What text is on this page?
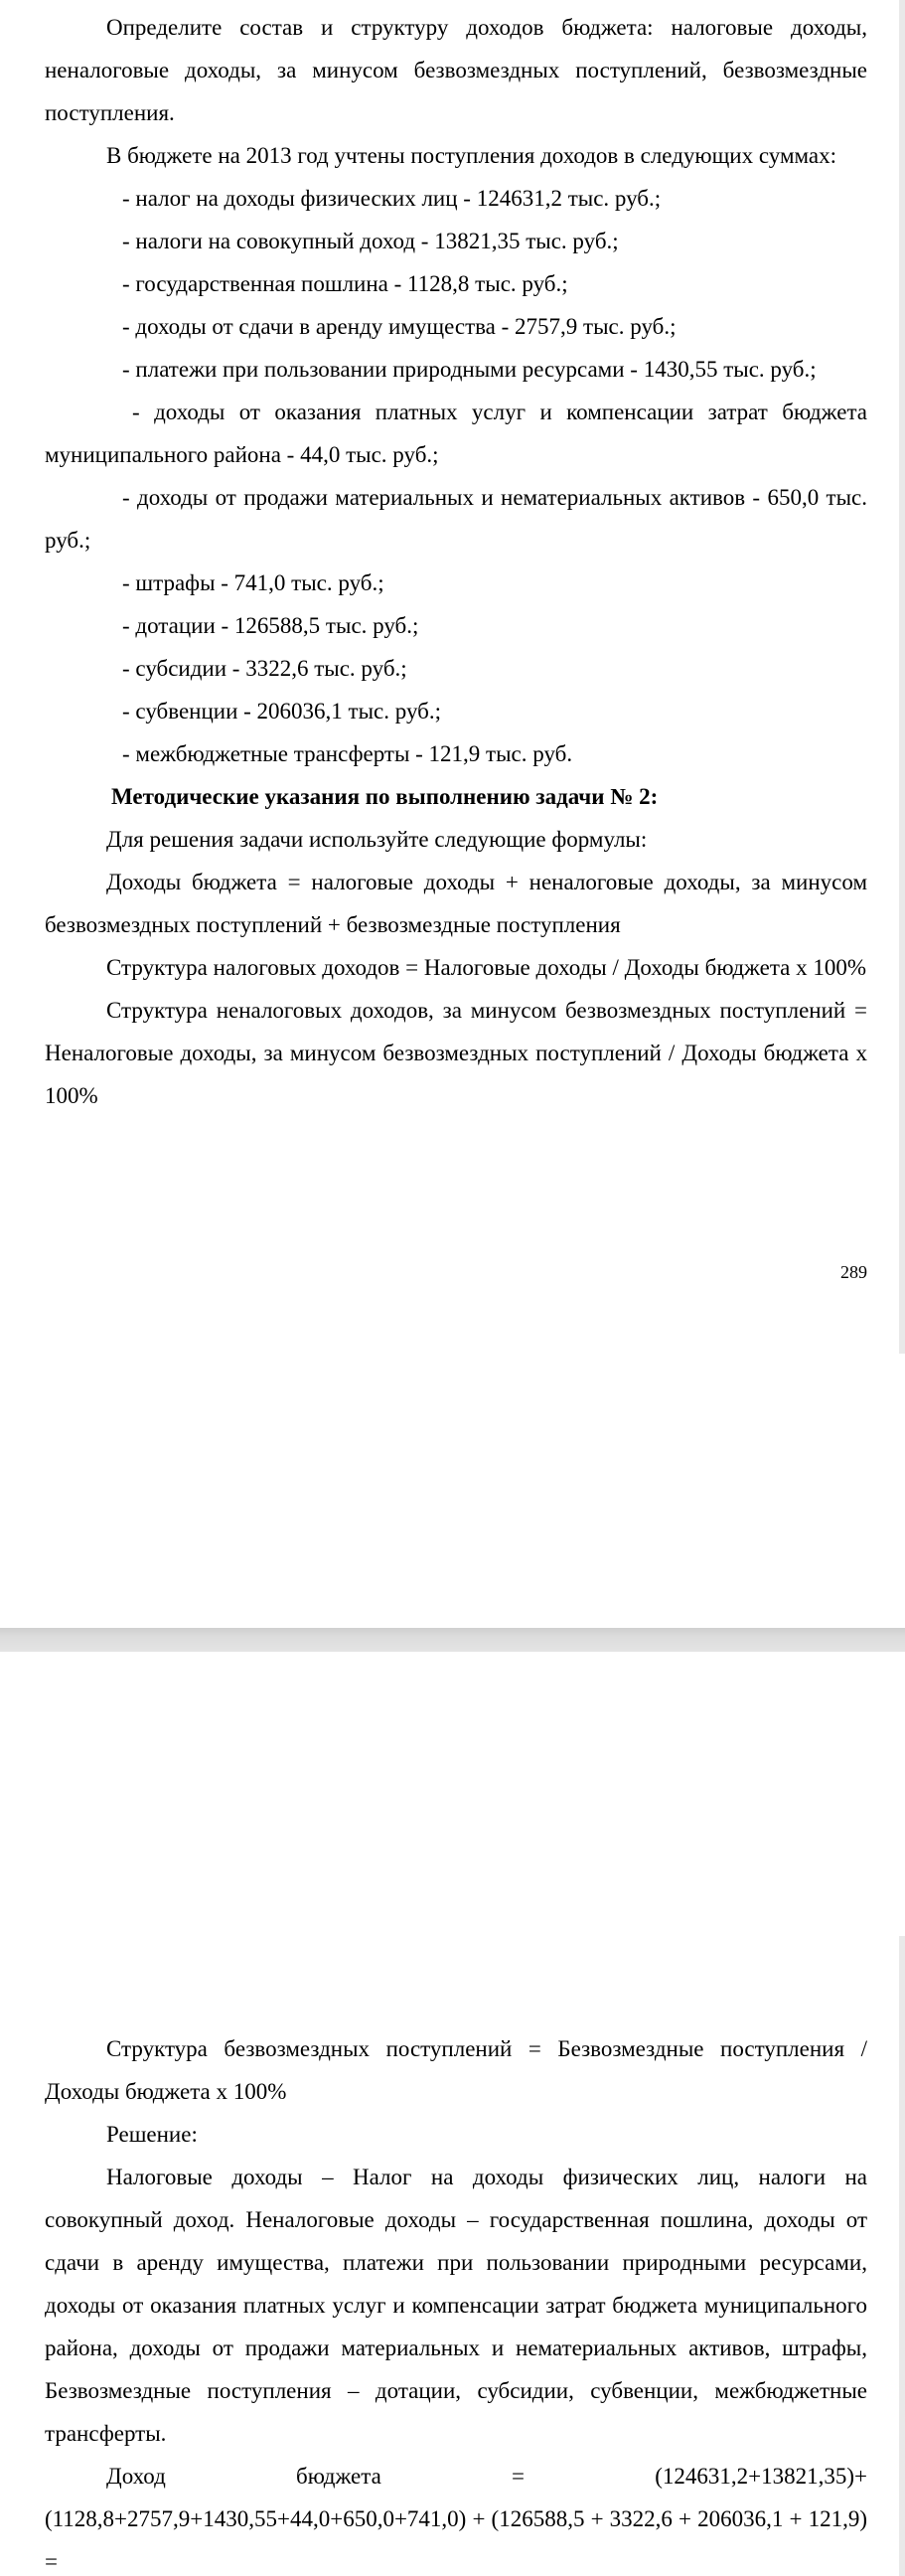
Определите состав и структуру доходов бюджета: налоговые доходы, неналоговые доходы, за минусом безвозмездных поступлений, безвозмездные поступления.

В бюджете на 2013 год учтены поступления доходов в следующих суммах:

- налог на доходы физических лиц - 124631,2 тыс. руб.;

- налоги на совокупный доход - 13821,35 тыс. руб.;

- государственная пошлина - 1128,8 тыс. руб.;

- доходы от сдачи в аренду имущества - 2757,9 тыс. руб.;

- платежи при пользовании природными ресурсами - 1430,55 тыс. руб.;

- доходы от оказания платных услуг и компенсации затрат бюджета муниципального района - 44,0 тыс. руб.;

- доходы от продажи материальных и нематериальных активов - 650,0 тыс. руб.;

- штрафы - 741,0 тыс. руб.;

- дотации - 126588,5 тыс. руб.;

- субсидии - 3322,6 тыс. руб.;

- субвенции - 206036,1 тыс. руб.;

- межбюджетные трансферты - 121,9 тыс. руб.

Методические указания по выполнению задачи № 2:

Для решения задачи используйте следующие формулы:

Доходы бюджета = налоговые доходы + неналоговые доходы, за минусом безвозмездных поступлений + безвозмездные поступления

Структура налоговых доходов = Налоговые доходы / Доходы бюджета х 100%

Структура неналоговых доходов, за минусом безвозмездных поступлений = Неналоговые доходы, за минусом безвозмездных поступлений / Доходы бюджета х 100%

289

Структура безвозмездных поступлений = Безвозмездные поступления / Доходы бюджета х 100%

Решение:

Налоговые доходы – Налог на доходы физических лиц, налоги на совокупный доход. Неналоговые доходы – государственная пошлина, доходы от сдачи в аренду имущества, платежи при пользовании природными ресурсами, доходы от оказания платных услуг и компенсации затрат бюджета муниципального района, доходы от продажи материальных и нематериальных активов, штрафы, Безвозмездные поступления – дотации, субсидии, субвенции, межбюджетные трансферты.

Доход бюджета = (124631,2+13821,35)+(1128,8+2757,9+1430,55+44,0+650,0+741,0) + (126588,5 + 3322,6 + 206036,1 + 121,9) =
